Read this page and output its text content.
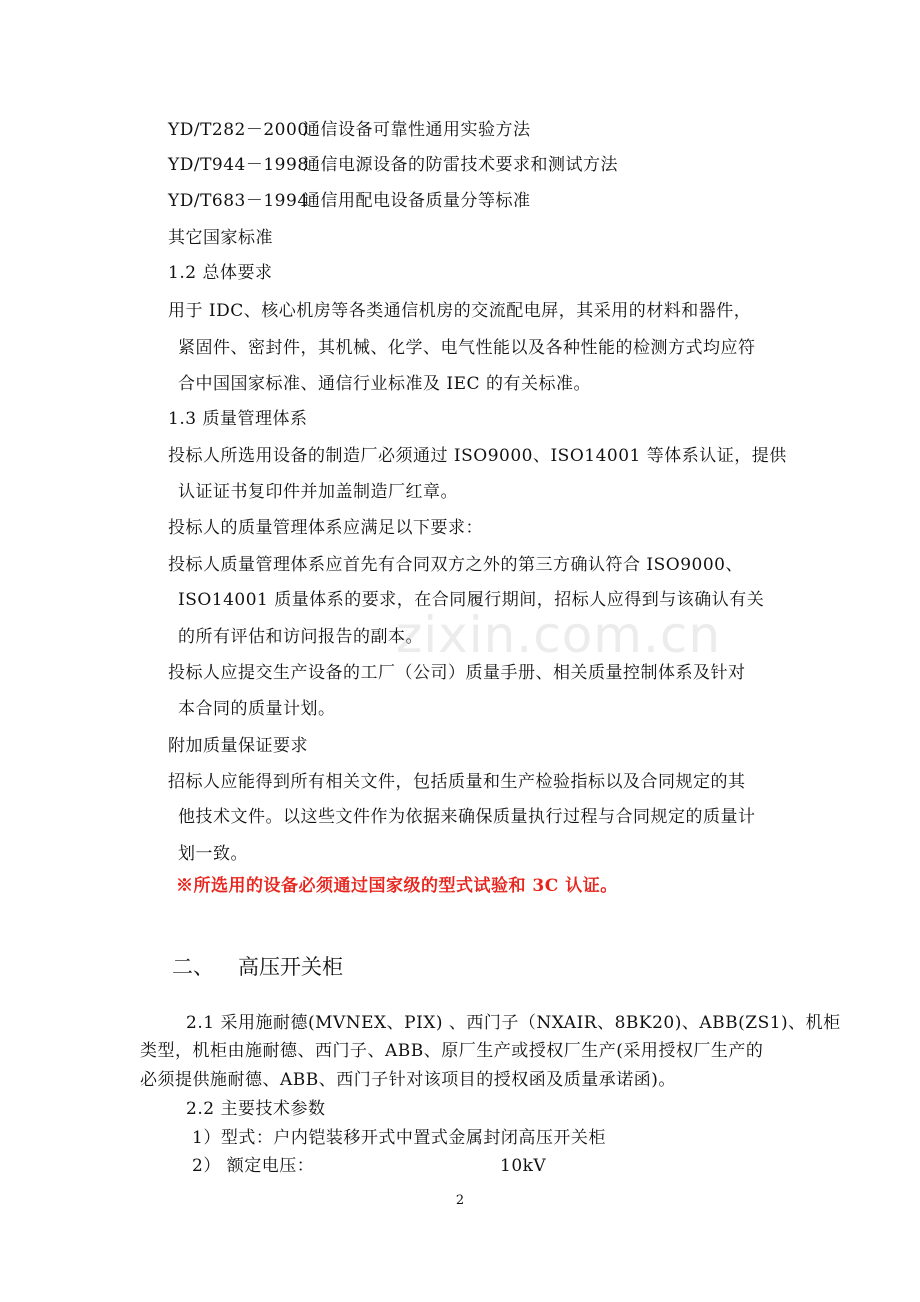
YD/T282－2000通信设备可靠性通用实验方法
YD/T944－1998通信电源设备的防雷技术要求和测试方法
YD/T683－1994通信用配电设备质量分等标准
其它国家标准
1.2 总体要求
用于 IDC、核心机房等各类通信机房的交流配电屏，其采用的材料和器件，
紧固件、密封件，其机械、化学、电气性能以及各种性能的检测方式均应符
合中国国家标准、通信行业标准及 IEC 的有关标准。
1.3 质量管理体系
投标人所选用设备的制造厂必须通过 ISO9000、ISO14001 等体系认证，提供
认证证书复印件并加盖制造厂红章。
投标人的质量管理体系应满足以下要求：
投标人质量管理体系应首先有合同双方之外的第三方确认符合 ISO9000、
ISO14001 质量体系的要求，在合同履行期间，招标人应得到与该确认有关
的所有评估和访问报告的副本。
投标人应提交生产设备的工厂（公司）质量手册、相关质量控制体系及针对
本合同的质量计划。
附加质量保证要求
招标人应能得到所有相关文件，包括质量和生产检验指标以及合同规定的其
他技术文件。以这些文件作为依据来确保质量执行过程与合同规定的质量计
划一致。
※所选用的设备必须通过国家级的型式试验和 3C 认证。
二、 高压开关柜
2.1 采用施耐德(MVNEX、PIX) 、西门子（NXAIR、8BK20)、ABB(ZS1)、机柜
类型，机柜由施耐德、西门子、ABB、原厂生产或授权厂生产(采用授权厂生产的
必须提供施耐德、ABB、西门子针对该项目的授权函及质量承诺函)。
2.2 主要技术参数
1）型式：户内铠装移开式中置式金属封闭高压开关柜
2） 额定电压：	10kV
zixin.com.cn
2
